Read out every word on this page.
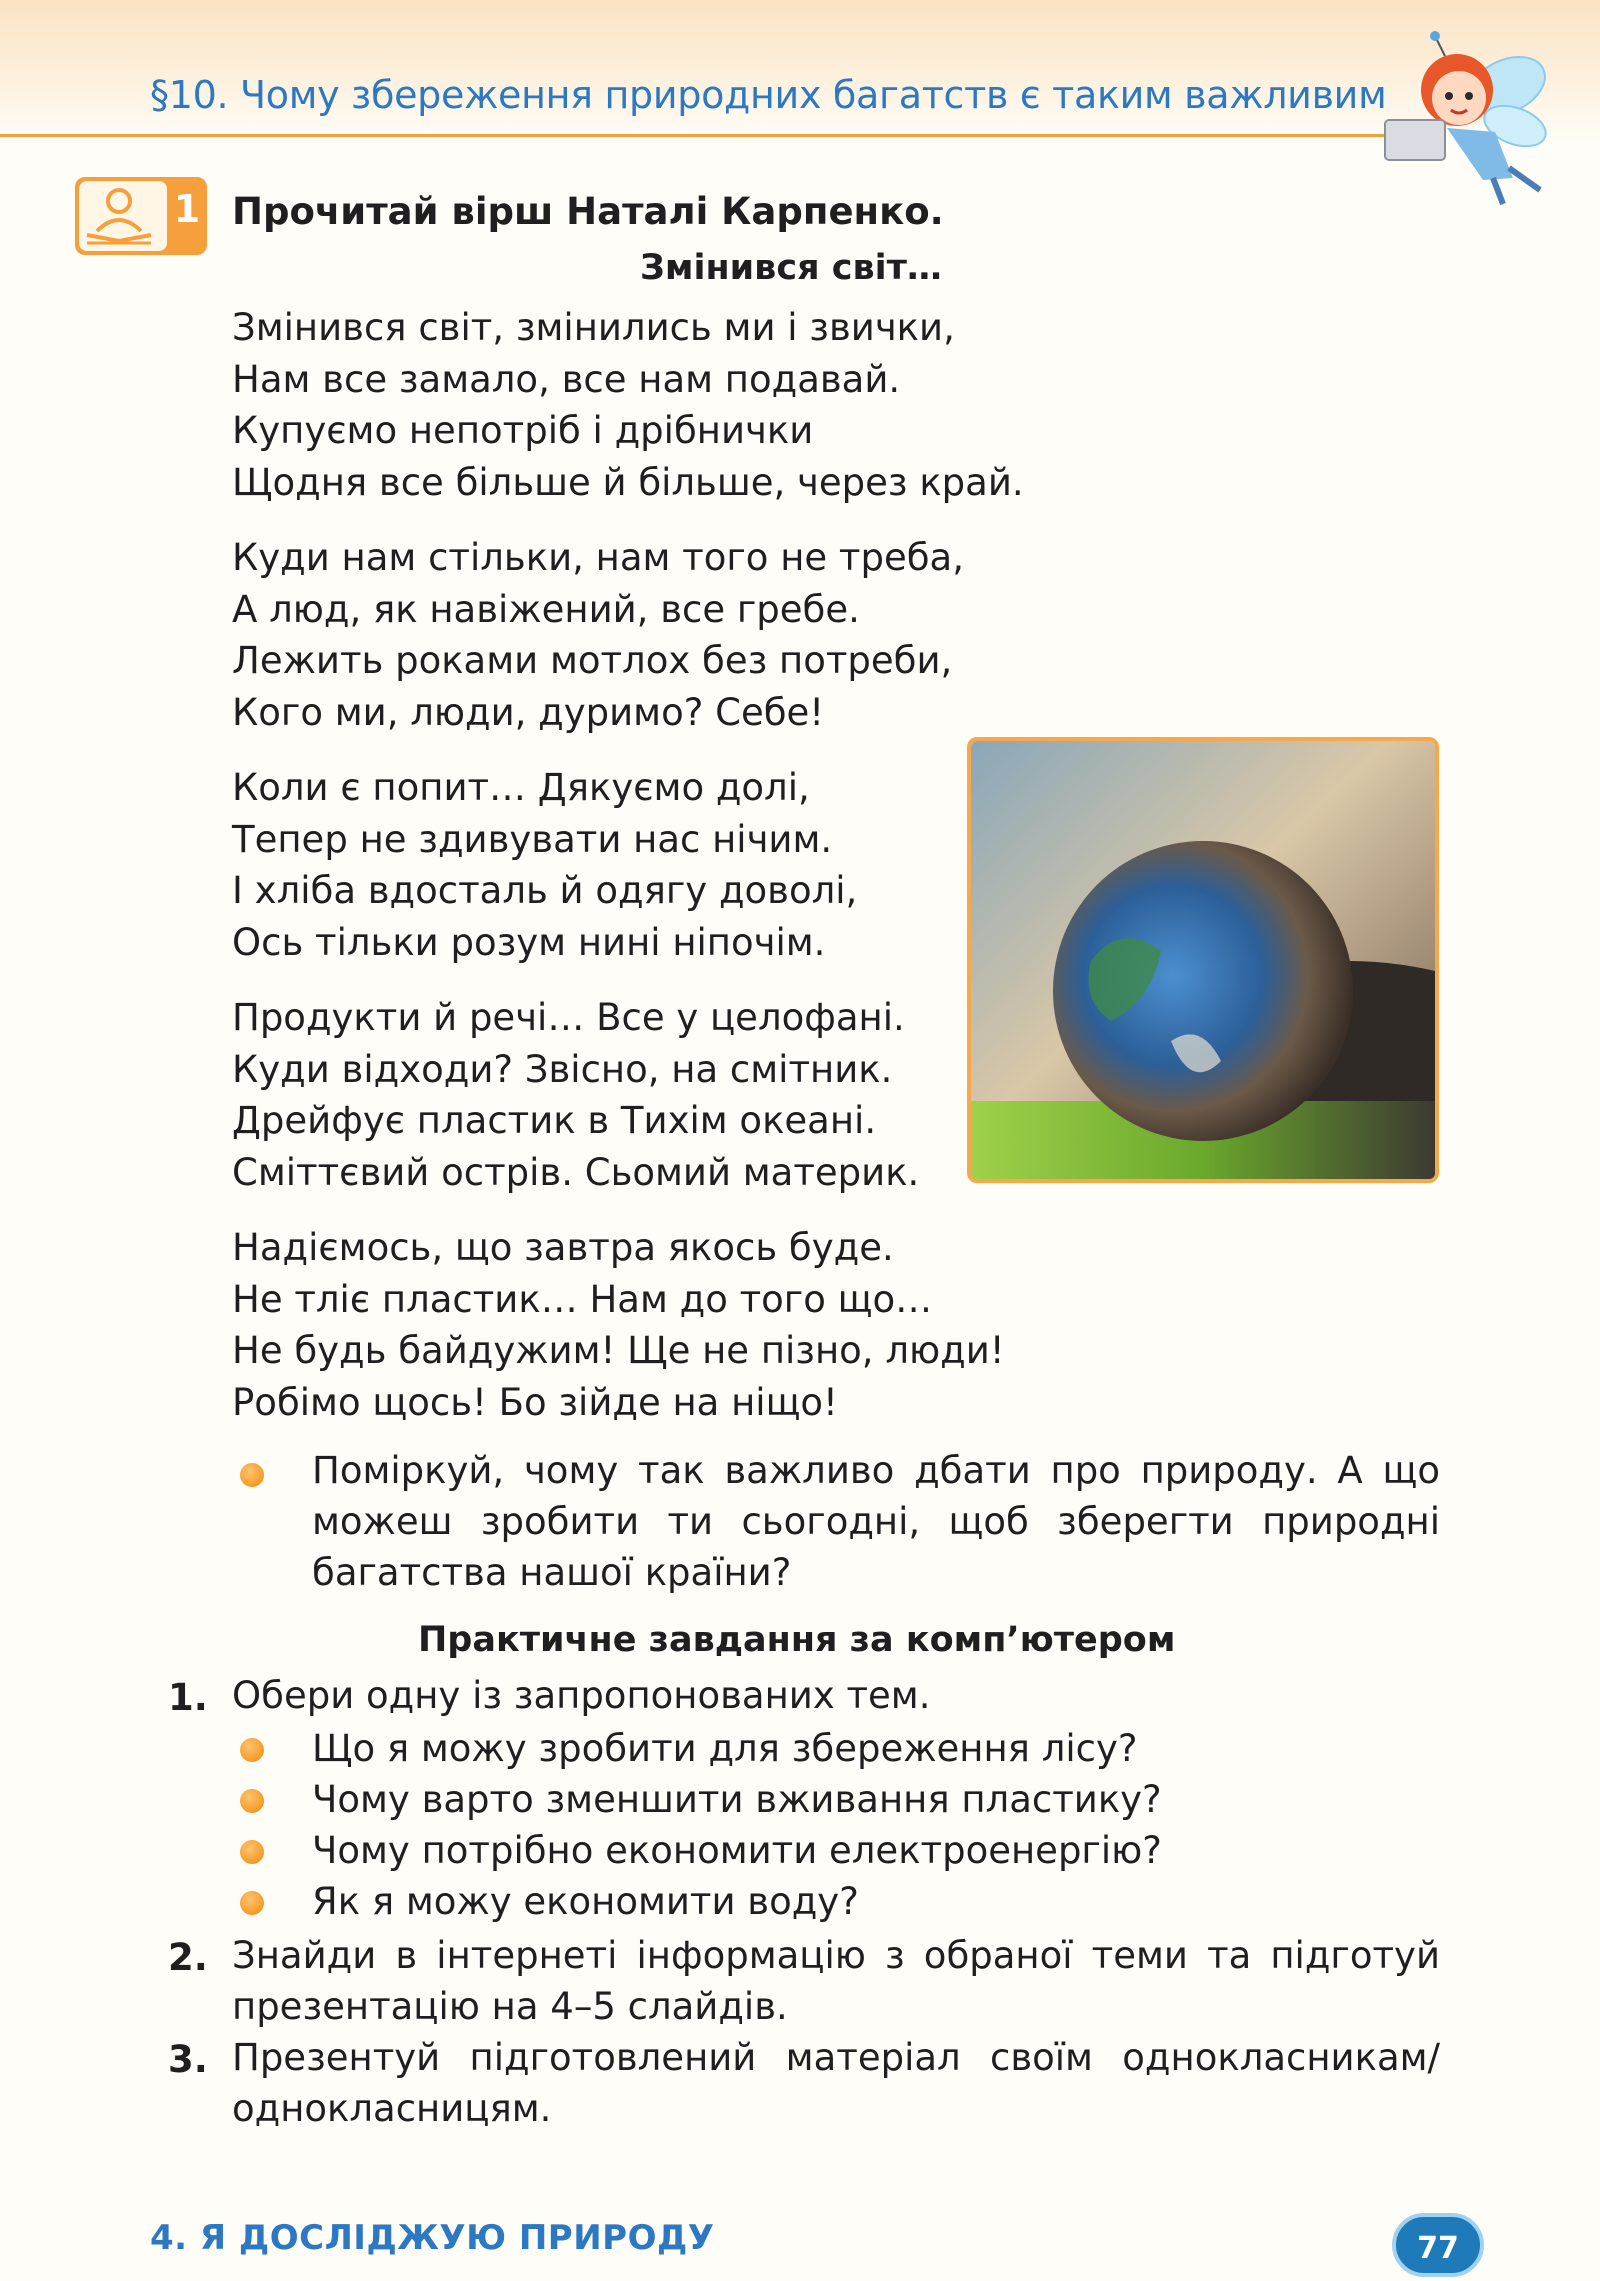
§10. Чому збереження природних багатств є таким важливим
1 Прочитай вірш Наталі Карпенко.
Змінився світ…
Змінився світ, змінились ми і звички,
Нам все замало, все нам подавай.
Купуємо непотріб і дрібнички
Щодня все більше й більше, через край.
Куди нам стільки, нам того не треба,
А люд, як навіжений, все гребе.
Лежить роками мотлох без потреби,
Кого ми, люди, дуримо? Себе!
Коли є попит… Дякуємо долі,
Тепер не здивувати нас нічим.
І хліба вдосталь й одягу доволі,
Ось тільки розум нині ніпочім.
Продукти й речі… Все у целофані.
Куди відходи? Звісно, на смітник.
Дрейфує пластик в Тихім океані.
Сміттєвий острів. Сьомий материк.
Надіємось, що завтра якось буде.
Не тліє пластик… Нам до того що…
Не будь байдужим! Ще не пізно, люди!
Робімо щось! Бо зійде на ніщо!
Поміркуй, чому так важливо дбати про природу. А що можеш зробити ти сьогодні, щоб зберегти природні багатства нашої країни?
Практичне завдання за комп’ютером
1. Обери одну із запропонованих тем.
Що я можу зробити для збереження лісу?
Чому варто зменшити вживання пластику?
Чому потрібно економити електроенергію?
Як я можу економити воду?
2. Знайди в інтернеті інформацію з обраної теми та підготуй презентацію на 4–5 слайдів.
3. Презентуй підготовлений матеріал своїм однокласникам/ однокласницям.
4. Я ДОСЛІДЖУЮ ПРИРОДУ	77
